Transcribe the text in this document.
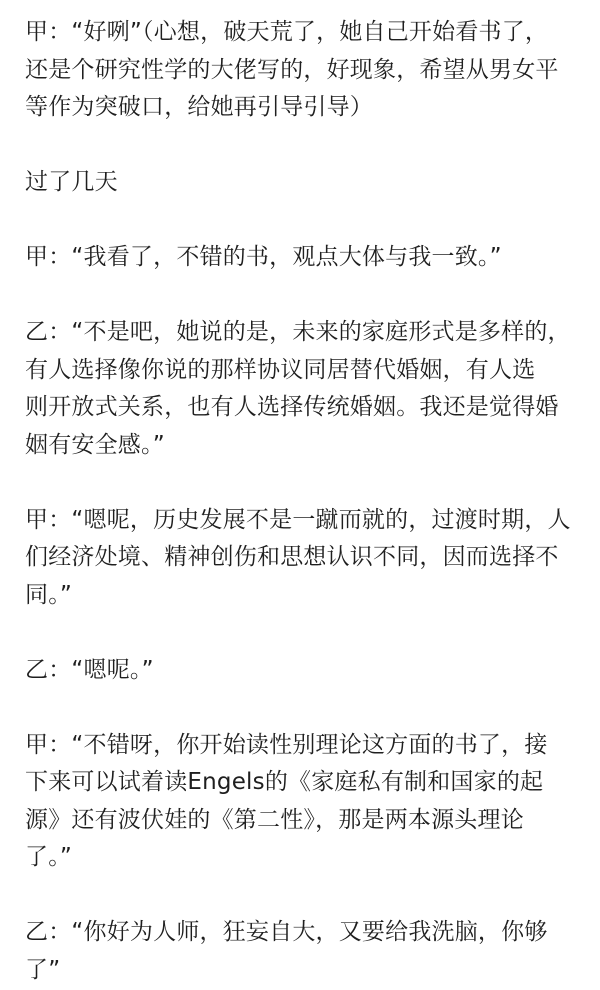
甲：“好咧”（心想，破天荒了，她自己开始看书了，
还是个研究性学的大佬写的，好现象，希望从男女平
等作为突破口，给她再引导引导）

过了几天

甲：“我看了，不错的书，观点大体与我一致。”

乙：“不是吧，她说的是，未来的家庭形式是多样的，
有人选择像你说的那样协议同居替代婚姻，有人选
则开放式关系，也有人选择传统婚姻。我还是觉得婚
姻有安全感。”

甲：“嗯呢，历史发展不是一蹴而就的，过渡时期，人
们经济处境、精神创伤和思想认识不同，因而选择不
同。”

乙：“嗯呢。”

甲：“不错呀，你开始读性别理论这方面的书了，接
下来可以试着读Engels的《家庭私有制和国家的起
源》还有波伏娃的《第二性》，那是两本源头理论
了。”

乙：“你好为人师，狂妄自大，又要给我洗脑，你够
了”
